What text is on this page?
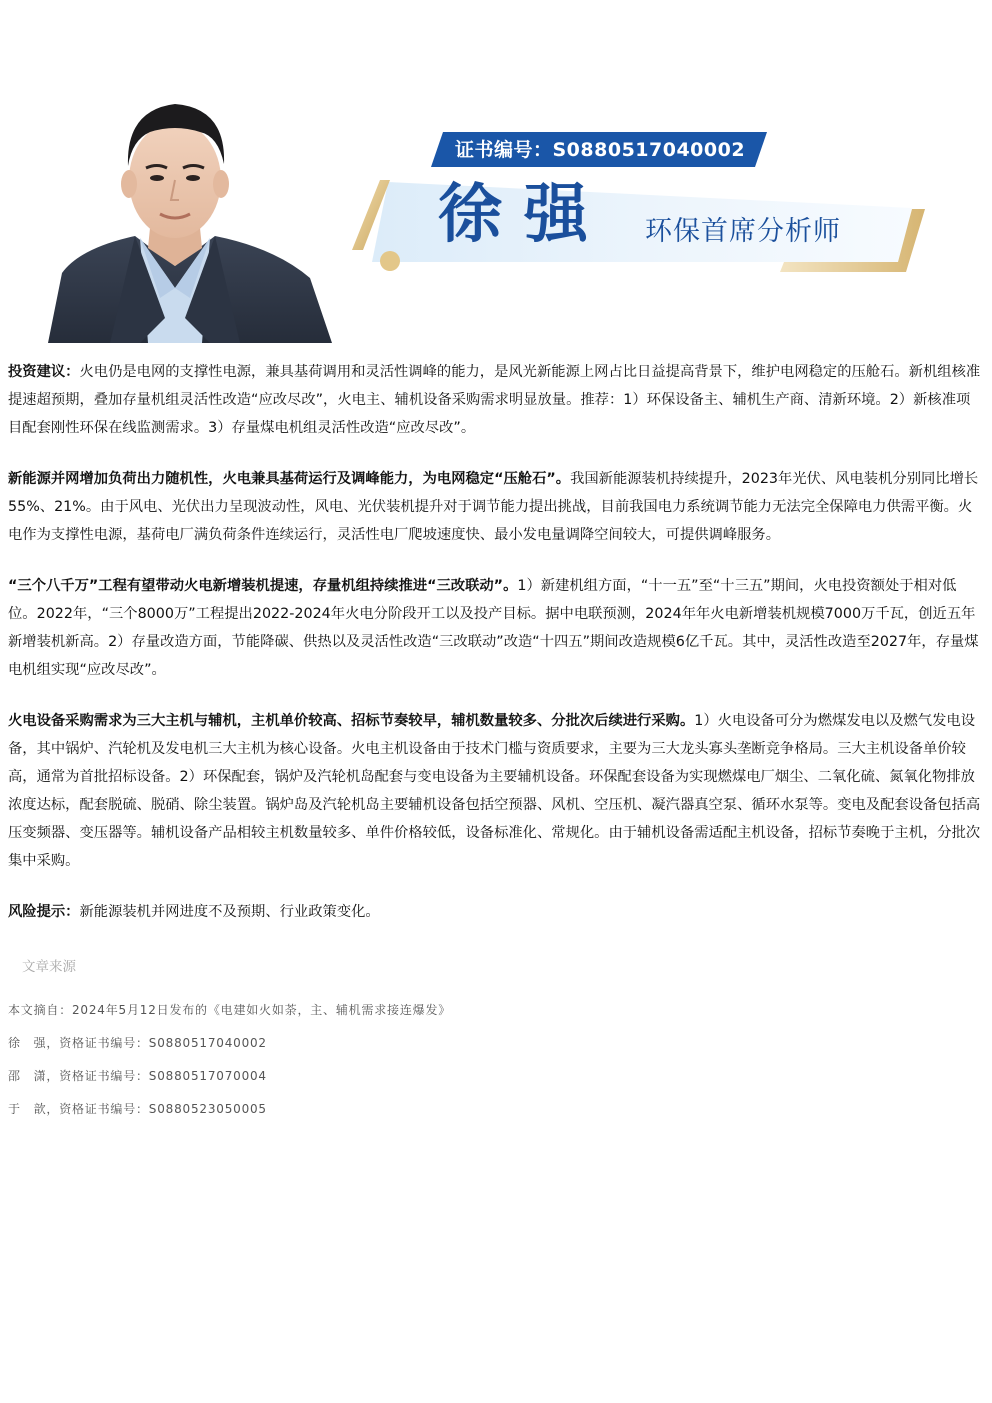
证书编号：S0880517040002
徐强 环保首席分析师

投资建议：火电仍是电网的支撑性电源，兼具基荷调用和灵活性调峰的能力，是风光新能源上网占比日益提高背景下，维护电网稳定的压舱石。新机组核准提速超预期，叠加存量机组灵活性改造“应改尽改”，火电主、辅机设备采购需求明显放量。推荐：1）环保设备主、辅机生产商、清新环境。2）新核准项目配套刚性环保在线监测需求。3）存量煤电机组灵活性改造“应改尽改”。

新能源并网增加负荷出力随机性，火电兼具基荷运行及调峰能力，为电网稳定“压舱石”。我国新能源装机持续提升，2023年光伏、风电装机分别同比增长55%、21%。由于风电、光伏出力呈现波动性，风电、光伏装机提升对于调节能力提出挑战，目前我国电力系统调节能力无法完全保障电力供需平衡。火电作为支撑性电源，基荷电厂满负荷条件连续运行，灵活性电厂爬坡速度快、最小发电量调降空间较大，可提供调峰服务。

“三个八千万”工程有望带动火电新增装机提速，存量机组持续推进“三改联动”。1）新建机组方面，“十一五”至“十三五”期间，火电投资额处于相对低位。2022年，“三个8000万”工程提出2022-2024年火电分阶段开工以及投产目标。据中电联预测，2024年年火电新增装机规模7000万千瓦，创近五年新增装机新高。2）存量改造方面，节能降碳、供热以及灵活性改造“三改联动”改造“十四五”期间改造规模6亿千瓦。其中，灵活性改造至2027年，存量煤电机组实现“应改尽改”。

火电设备采购需求为三大主机与辅机，主机单价较高、招标节奏较早，辅机数量较多、分批次后续进行采购。1）火电设备可分为燃煤发电以及燃气发电设备，其中锅炉、汽轮机及发电机三大主机为核心设备。火电主机设备由于技术门槛与资质要求，主要为三大龙头寡头垄断竞争格局。三大主机设备单价较高，通常为首批招标设备。2）环保配套，锅炉及汽轮机岛配套与变电设备为主要辅机设备。环保配套设备为实现燃煤电厂烟尘、二氧化硫、氮氧化物排放浓度达标，配套脱硫、脱硝、除尘装置。锅炉岛及汽轮机岛主要辅机设备包括空预器、风机、空压机、凝汽器真空泵、循环水泵等。变电及配套设备包括高压变频器、变压器等。辅机设备产品相较主机数量较多、单件价格较低，设备标准化、常规化。由于辅机设备需适配主机设备，招标节奏晚于主机，分批次集中采购。

风险提示：新能源装机并网进度不及预期、行业政策变化。

文章来源

本文摘自：2024年5月12日发布的《电建如火如荼，主、辅机需求接连爆发》

徐　强，资格证书编号：S0880517040002

邵　潇，资格证书编号：S0880517070004

于　歆，资格证书编号：S0880523050005
